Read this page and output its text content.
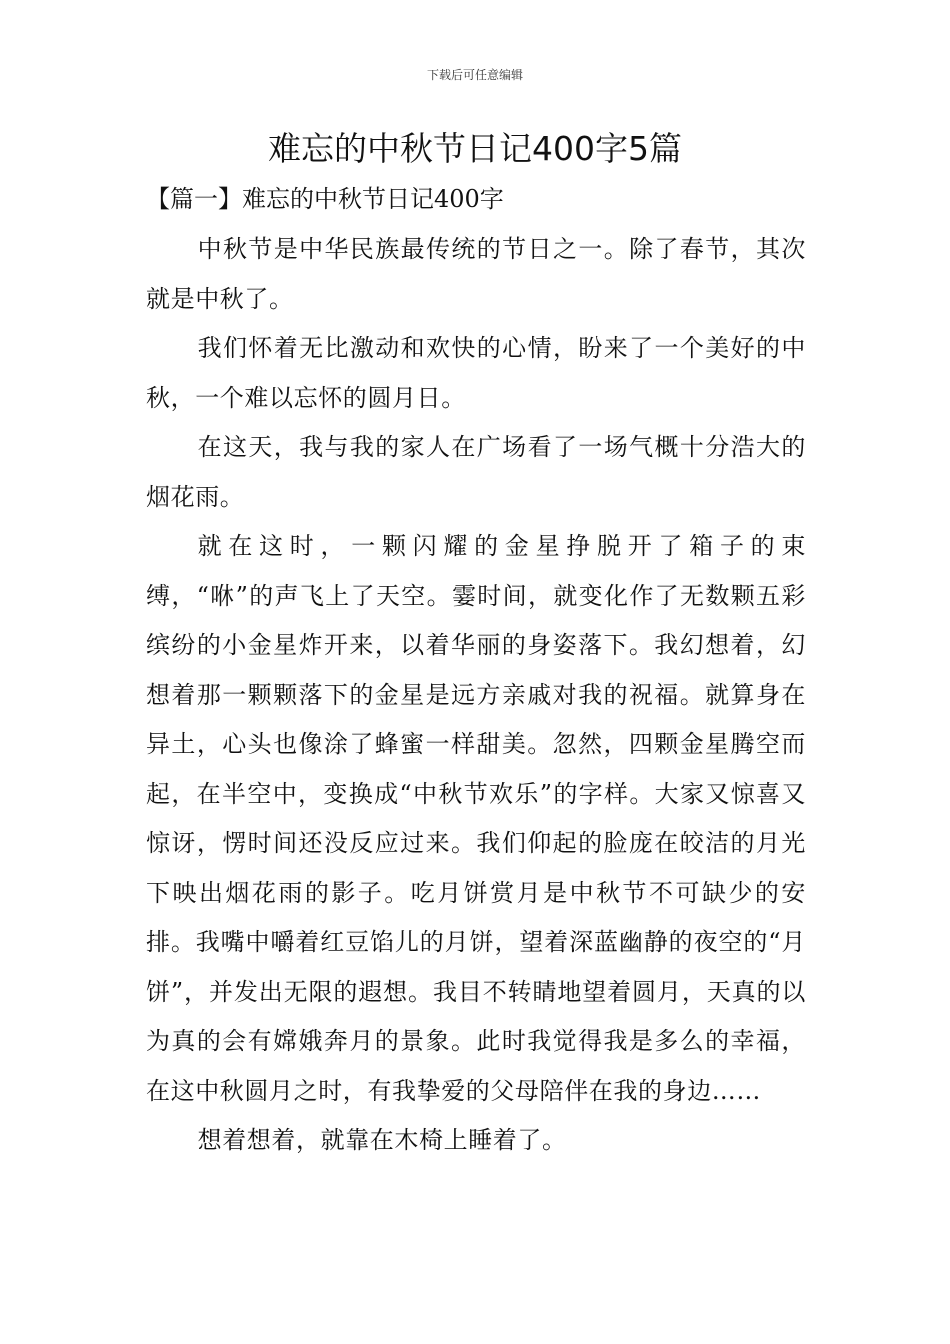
下载后可任意编辑
难忘的中秋节日记400字5篇
【篇一】难忘的中秋节日记400字

中秋节是中华民族最传统的节日之一。除了春节，其次就是中秋了。

我们怀着无比激动和欢快的心情，盼来了一个美好的中秋，一个难以忘怀的圆月日。

在这天，我与我的家人在广场看了一场气概十分浩大的烟花雨。

就在这时，一颗闪耀的金星挣脱开了箱子的束缚，“咻”的声飞上了天空。霎时间，就变化作了无数颗五彩缤纷的小金星炸开来，以着华丽的身姿落下。我幻想着，幻想着那一颗颗落下的金星是远方亲戚对我的祝福。就算身在异土，心头也像涂了蜂蜜一样甜美。忽然，四颗金星腾空而起，在半空中，变换成“中秋节欢乐”的字样。大家又惊喜又惊讶，愣时间还没反应过来。我们仰起的脸庞在皎洁的月光下映出烟花雨的影子。吃月饼赏月是中秋节不可缺少的安排。我嘴中嚼着红豆馅儿的月饼，望着深蓝幽静的夜空的“月饼”，并发出无限的遐想。我目不转睛地望着圆月，天真的以为真的会有嫦娥奔月的景象。此时我觉得我是多么的幸福，在这中秋圆月之时，有我挚爱的父母陪伴在我的身边……

想着想着，就靠在木椅上睡着了。
